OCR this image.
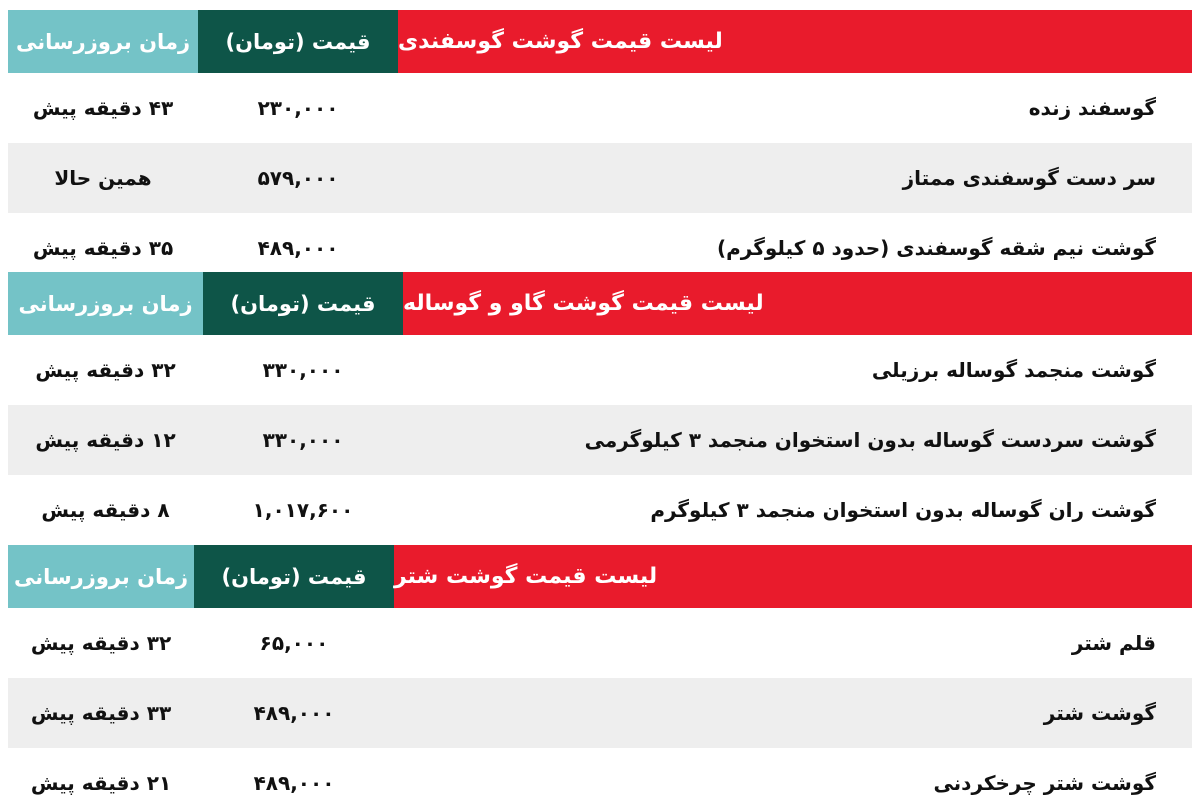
زمان بروزرسانی	قیمت (تومان)	لیست قیمت گوشت گوسفندی
۴۳ دقیقه پیش	۲۳۰,۰۰۰	گوسفند زنده
همین حالا	۵۷۹,۰۰۰	سر دست گوسفندی ممتاز
۳۵ دقیقه پیش	۴۸۹,۰۰۰	گوشت نیم شقه گوسفندی (حدود ۵ کیلوگرم)
زمان بروزرسانی	قیمت (تومان)	لیست قیمت گوشت گاو و گوساله
۳۲ دقیقه پیش	۳۳۰,۰۰۰	گوشت منجمد گوساله برزیلی
۱۲ دقیقه پیش	۳۳۰,۰۰۰	گوشت سردست گوساله بدون استخوان منجمد ۳ کیلوگرمی
۸ دقیقه پیش	۱,۰۱۷,۶۰۰	گوشت ران گوساله بدون استخوان منجمد ۳ کیلوگرم
زمان بروزرسانی	قیمت (تومان)	لیست قیمت گوشت شتر
۳۲ دقیقه پیش	۶۵,۰۰۰	قلم شتر
۳۳ دقیقه پیش	۴۸۹,۰۰۰	گوشت شتر
۲۱ دقیقه پیش	۴۸۹,۰۰۰	گوشت شتر چرخکردنی
